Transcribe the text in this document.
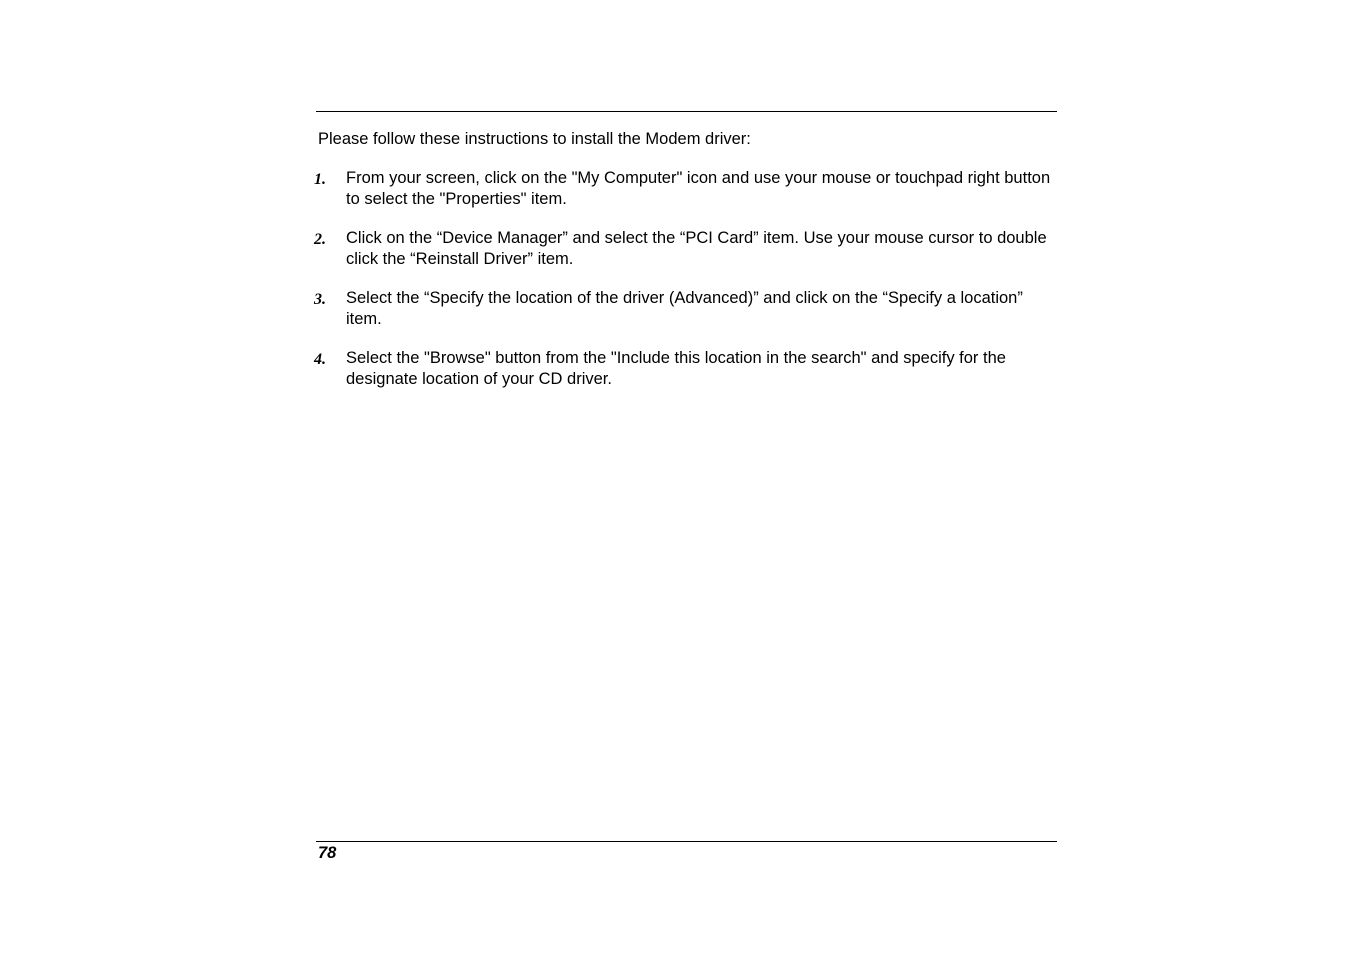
Please follow these instructions to install the Modem driver:

1. From your screen, click on the "My Computer" icon and use your mouse or touchpad right button to select the "Properties" item.
2. Click on the “Device Manager” and select the “PCI Card” item. Use your mouse cursor to double click the “Reinstall Driver” item.
3. Select the “Specify the location of the driver (Advanced)” and click on the “Specify a location” item.
4. Select the "Browse" button from the "Include this location in the search" and specify for the designate location of your CD driver.
78
